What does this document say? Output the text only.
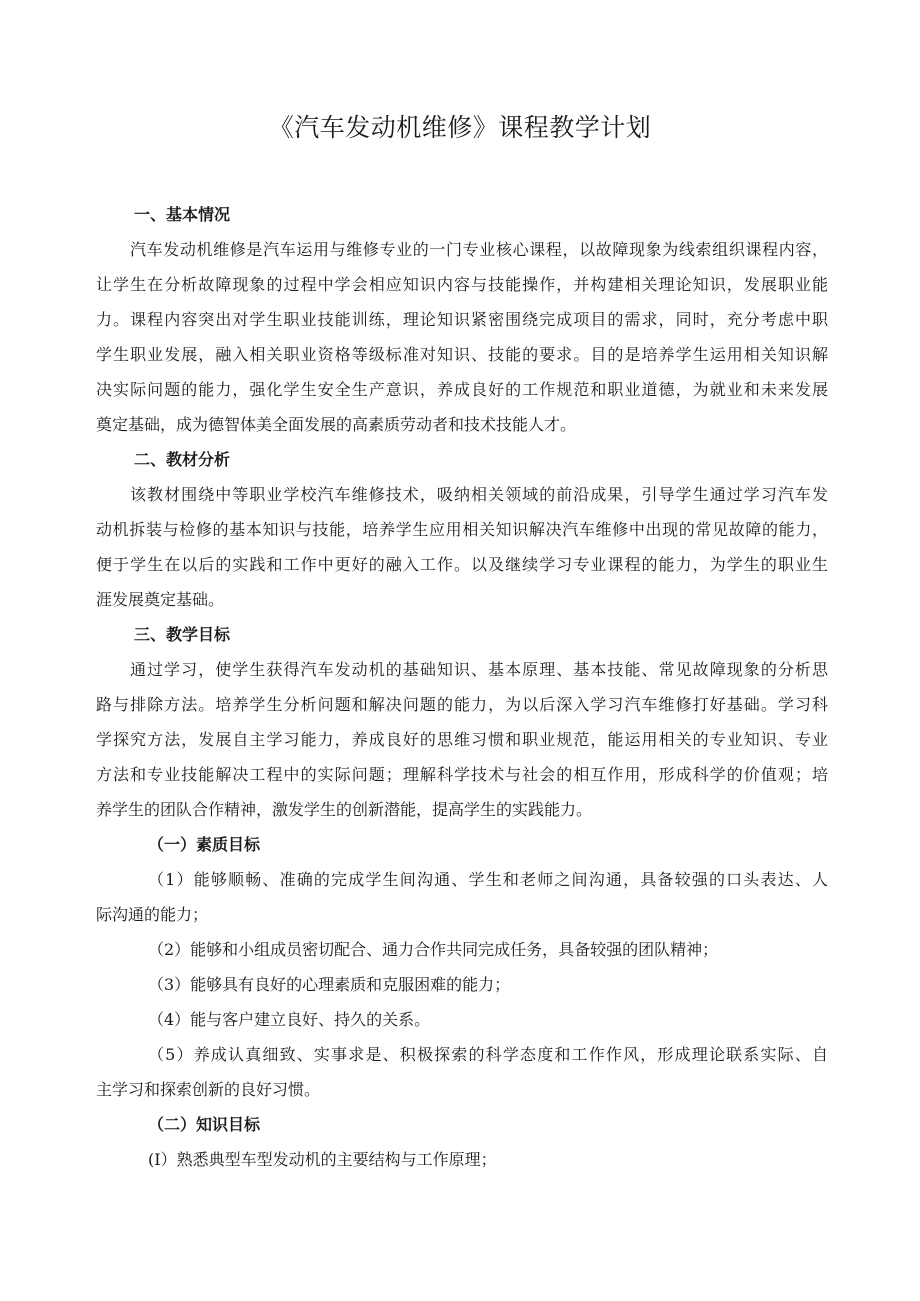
《汽车发动机维修》课程教学计划
一、基本情况
汽车发动机维修是汽车运用与维修专业的一门专业核心课程，以故障现象为线索组织课程内容，
让学生在分析故障现象的过程中学会相应知识内容与技能操作，并构建相关理论知识，发展职业能
力。课程内容突出对学生职业技能训练，理论知识紧密围绕完成项目的需求，同时，充分考虑中职
学生职业发展，融入相关职业资格等级标准对知识、技能的要求。目的是培养学生运用相关知识解
决实际问题的能力，强化学生安全生产意识，养成良好的工作规范和职业道德，为就业和未来发展
奠定基础，成为德智体美全面发展的高素质劳动者和技术技能人才。
二、教材分析
该教材围绕中等职业学校汽车维修技术，吸纳相关领域的前沿成果，引导学生通过学习汽车发
动机拆装与检修的基本知识与技能，培养学生应用相关知识解决汽车维修中出现的常见故障的能力，
便于学生在以后的实践和工作中更好的融入工作。以及继续学习专业课程的能力，为学生的职业生
涯发展奠定基础。
三、教学目标
通过学习，使学生获得汽车发动机的基础知识、基本原理、基本技能、常见故障现象的分析思
路与排除方法。培养学生分析问题和解决问题的能力，为以后深入学习汽车维修打好基础。学习科
学探究方法，发展自主学习能力，养成良好的思维习惯和职业规范，能运用相关的专业知识、专业
方法和专业技能解决工程中的实际问题；理解科学技术与社会的相互作用，形成科学的价值观；培
养学生的团队合作精神，激发学生的创新潜能，提高学生的实践能力。
（一）素质目标
（1）能够顺畅、准确的完成学生间沟通、学生和老师之间沟通，具备较强的口头表达、人
际沟通的能力；
（2）能够和小组成员密切配合、通力合作共同完成任务，具备较强的团队精神；
（3）能够具有良好的心理素质和克服困难的能力；
（4）能与客户建立良好、持久的关系。
（5）养成认真细致、实事求是、积极探索的科学态度和工作作风，形成理论联系实际、自
主学习和探索创新的良好习惯。
（二）知识目标
(I）熟悉典型车型发动机的主要结构与工作原理；
